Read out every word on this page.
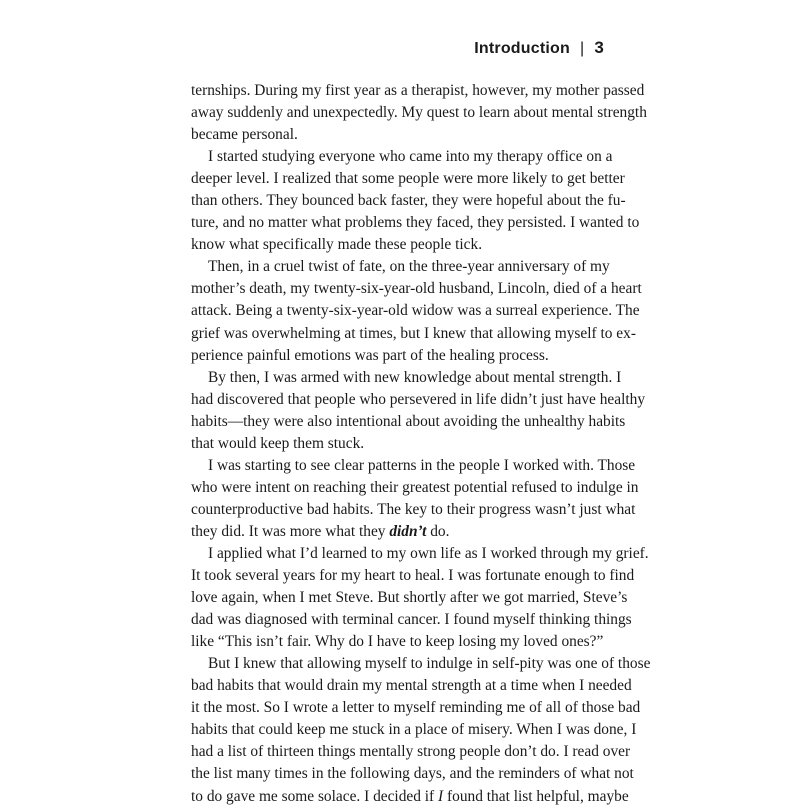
Introduction | 3
ternships. During my first year as a therapist, however, my mother passed
away suddenly and unexpectedly. My quest to learn about mental strength
became personal.
I started studying everyone who came into my therapy office on a
deeper level. I realized that some people were more likely to get better
than others. They bounced back faster, they were hopeful about the fu-
ture, and no matter what problems they faced, they persisted. I wanted to
know what specifically made these people tick.
Then, in a cruel twist of fate, on the three-year anniversary of my
mother’s death, my twenty-six-year-old husband, Lincoln, died of a heart
attack. Being a twenty-six-year-old widow was a surreal experience. The
grief was overwhelming at times, but I knew that allowing myself to ex-
perience painful emotions was part of the healing process.
By then, I was armed with new knowledge about mental strength. I
had discovered that people who persevered in life didn’t just have healthy
habits—they were also intentional about avoiding the unhealthy habits
that would keep them stuck.
I was starting to see clear patterns in the people I worked with. Those
who were intent on reaching their greatest potential refused to indulge in
counterproductive bad habits. The key to their progress wasn’t just what
they did. It was more what they didn’t do.
I applied what I’d learned to my own life as I worked through my grief.
It took several years for my heart to heal. I was fortunate enough to find
love again, when I met Steve. But shortly after we got married, Steve’s
dad was diagnosed with terminal cancer. I found myself thinking things
like “This isn’t fair. Why do I have to keep losing my loved ones?”
But I knew that allowing myself to indulge in self-pity was one of those
bad habits that would drain my mental strength at a time when I needed
it the most. So I wrote a letter to myself reminding me of all of those bad
habits that could keep me stuck in a place of misery. When I was done, I
had a list of thirteen things mentally strong people don’t do. I read over
the list many times in the following days, and the reminders of what not
to do gave me some solace. I decided if I found that list helpful, maybe
